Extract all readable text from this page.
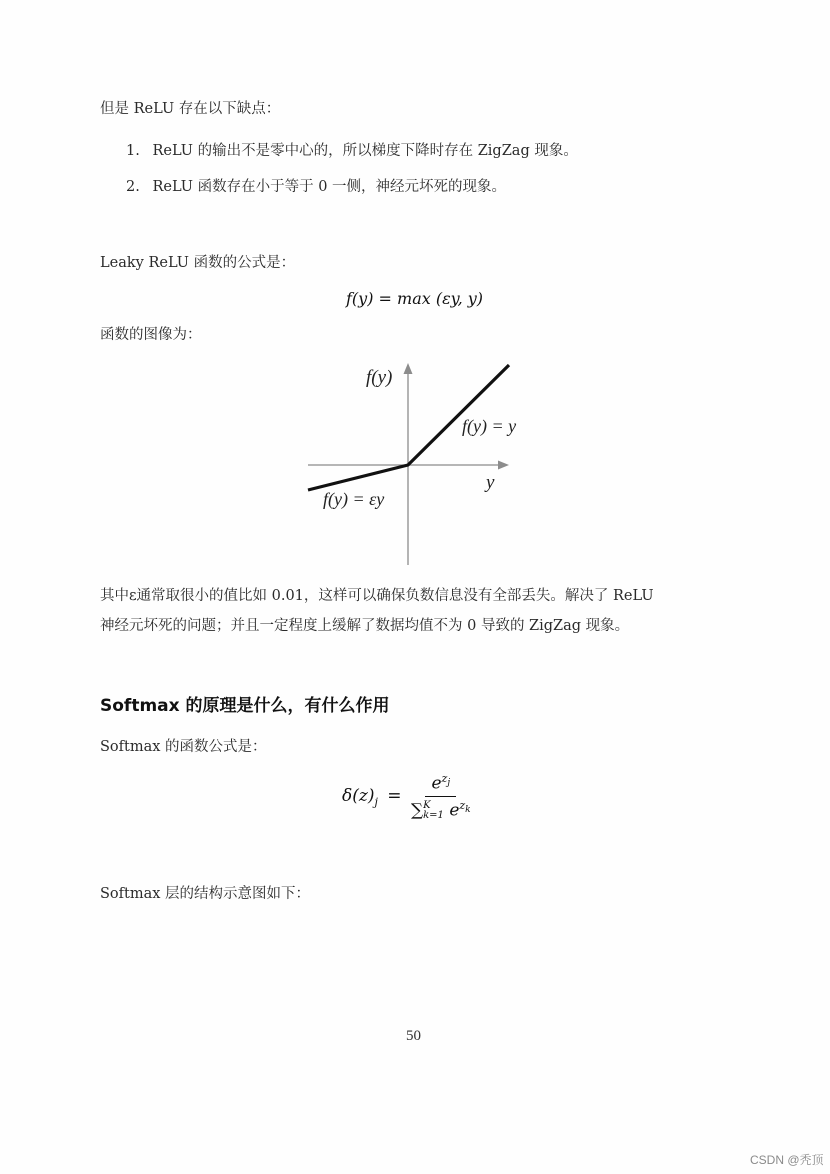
但是 ReLU 存在以下缺点：
1. ReLU 的输出不是零中心的，所以梯度下降时存在 ZigZag 现象。
2. ReLU 函数存在小于等于 0 一侧，神经元坏死的现象。
Leaky ReLU 函数的公式是：
f(y) = max (εy, y)
函数的图像为：
f(y)
y
f(y) = y
f(y) = εy
其中ε通常取很小的值比如 0.01，这样可以确保负数信息没有全部丢失。解决了 ReLU
神经元坏死的问题；并且一定程度上缓解了数据均值不为 0 导致的 ZigZag 现象。
Softmax 的原理是什么，有什么作用
Softmax 的函数公式是：
$\delta(z)_j = e^{z_j}$
∑ K
k=1 $e^{z_k}$
Softmax 层的结构示意图如下：
50
CSDN @秃顶
